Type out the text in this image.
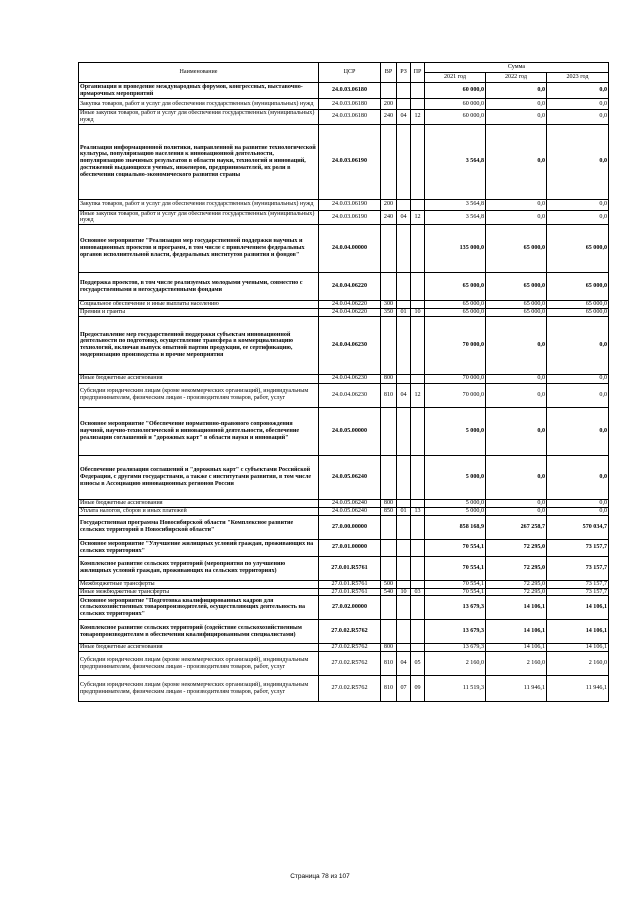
Наименование	ЦСР	ВР	РЗ	ПР	Сумма		
					2021 год	2022 год	2023 год
Организация и проведение международных форумов, конгрессных, выставочно-ярмарочных мероприятий	24.0.03.06180				60 000,0	0,0	0,0
Закупка товаров, работ и услуг для обеспечения государственных (муниципальных) нужд	24.0.03.06180	200			60 000,0	0,0	0,0
Иные закупки товаров, работ и услуг для обеспечения государственных (муниципальных) нужд	24.0.03.06180	240	04	12	60 000,0	0,0	0,0
Реализация информационной политики, направленной на развитие технологической культуры, популяризацию населения к инновационной деятельности, популяризацию значимых результатов в области науки, технологий и инноваций, достижений выдающихся ученых, инженеров, предпринимателей, их роли в обеспечении социально-экономического развития страны	24.0.03.06190				3 564,8	0,0	0,0
Закупка товаров, работ и услуг для обеспечения государственных (муниципальных) нужд	24.0.03.06190	200			3 564,8	0,0	0,0
Иные закупки товаров, работ и услуг для обеспечения государственных (муниципальных) нужд	24.0.03.06190	240	04	12	3 564,8	0,0	0,0
Основное мероприятие "Реализация мер государственной поддержки научных и инновационных проектов и программ, в том числе с привлечением федеральных органов исполнительной власти, федеральных институтов развития и фондов"	24.0.04.00000				135 000,0	65 000,0	65 000,0
Поддержка проектов, в том числе реализуемых молодыми учеными, совместно с государственными и негосударственными фондами	24.0.04.06220				65 000,0	65 000,0	65 000,0
Социальное обеспечение и иные выплаты населению	24.0.04.06220	300			65 000,0	65 000,0	65 000,0
Премии и гранты	24.0.04.06220	350	01	10	65 000,0	65 000,0	65 000,0
Предоставление мер государственной поддержки субъектам инновационной деятельности по подготовку, осуществление трансфера в коммерциализацию технологий, включая выпуск опытной партии продукции, ее сертификацию, модернизацию производства и прочие мероприятия	24.0.04.06230				70 000,0	0,0	0,0
Иные бюджетные ассигнования	24.0.04.06230	800			70 000,0	0,0	0,0
Субсидии юридическим лицам (кроме некоммерческих организаций), индивидуальным предпринимателям, физическим лицам - производителям товаров, работ, услуг	24.0.04.06230	810	04	12	70 000,0	0,0	0,0
Основное мероприятие "Обеспечение нормативно-правового сопровождения научной, научно-технологической и инновационной деятельности, обеспечение реализации соглашений и "дорожных карт" в области науки и инноваций"	24.0.05.00000				5 000,0	0,0	0,0
Обеспечение реализации соглашений и "дорожных карт" с субъектами Российской Федерации, с другими государствами, а также с институтами развития, в том числе взносы в Ассоциацию инновационных регионов России	24.0.05.06240				5 000,0	0,0	0,0
Иные бюджетные ассигнования	24.0.05.06240	800			5 000,0	0,0	0,0
Уплата налогов, сборов и иных платежей	24.0.05.06240	850	01	13	5 000,0	0,0	0,0
Государственная программа Новосибирской области "Комплексное развитие сельских территорий в Новосибирской области"	27.0.00.00000				858 168,9	267 258,7	570 034,7
Основное мероприятие "Улучшение жилищных условий граждан, проживающих на сельских территориях"	27.0.01.00000				70 554,1	72 295,0	73 157,7
Комплексное развитие сельских территорий (мероприятия по улучшению жилищных условий граждан, проживающих на сельских территориях)	27.0.01.R5761				70 554,1	72 295,0	73 157,7
Межбюджетные трансферты	27.0.01.R5761	500			70 554,1	72 295,0	73 157,7
Иные межбюджетные трансферты	27.0.01.R5761	540	10	03	70 554,1	72 295,0	73 157,7
Основное мероприятие "Подготовка квалифицированных кадров для сельскохозяйственных товаропроизводителей, осуществляющих деятельность на сельских территориях"	27.0.02.00000				13 679,3	14 106,1	14 106,1
Комплексное развитие сельских территорий (содействие сельскохозяйственным товаропроизводителям в обеспечении квалифицированными специалистами)	27.0.02.R5762				13 679,3	14 106,1	14 106,1
Иные бюджетные ассигнования	27.0.02.R5762	800			13 679,3	14 106,1	14 106,1
Субсидии юридическим лицам (кроме некоммерческих организаций), индивидуальным предпринимателям, физическим лицам - производителям товаров, работ, услуг	27.0.02.R5762	810	04	05	2 160,0	2 160,0	2 160,0
Субсидии юридическим лицам (кроме некоммерческих организаций), индивидуальным предпринимателям, физическим лицам - производителям товаров, работ, услуг	27.0.02.R5762	810	07	09	11 519,3	11 946,1	11 946,1
Страница 78 из 107
